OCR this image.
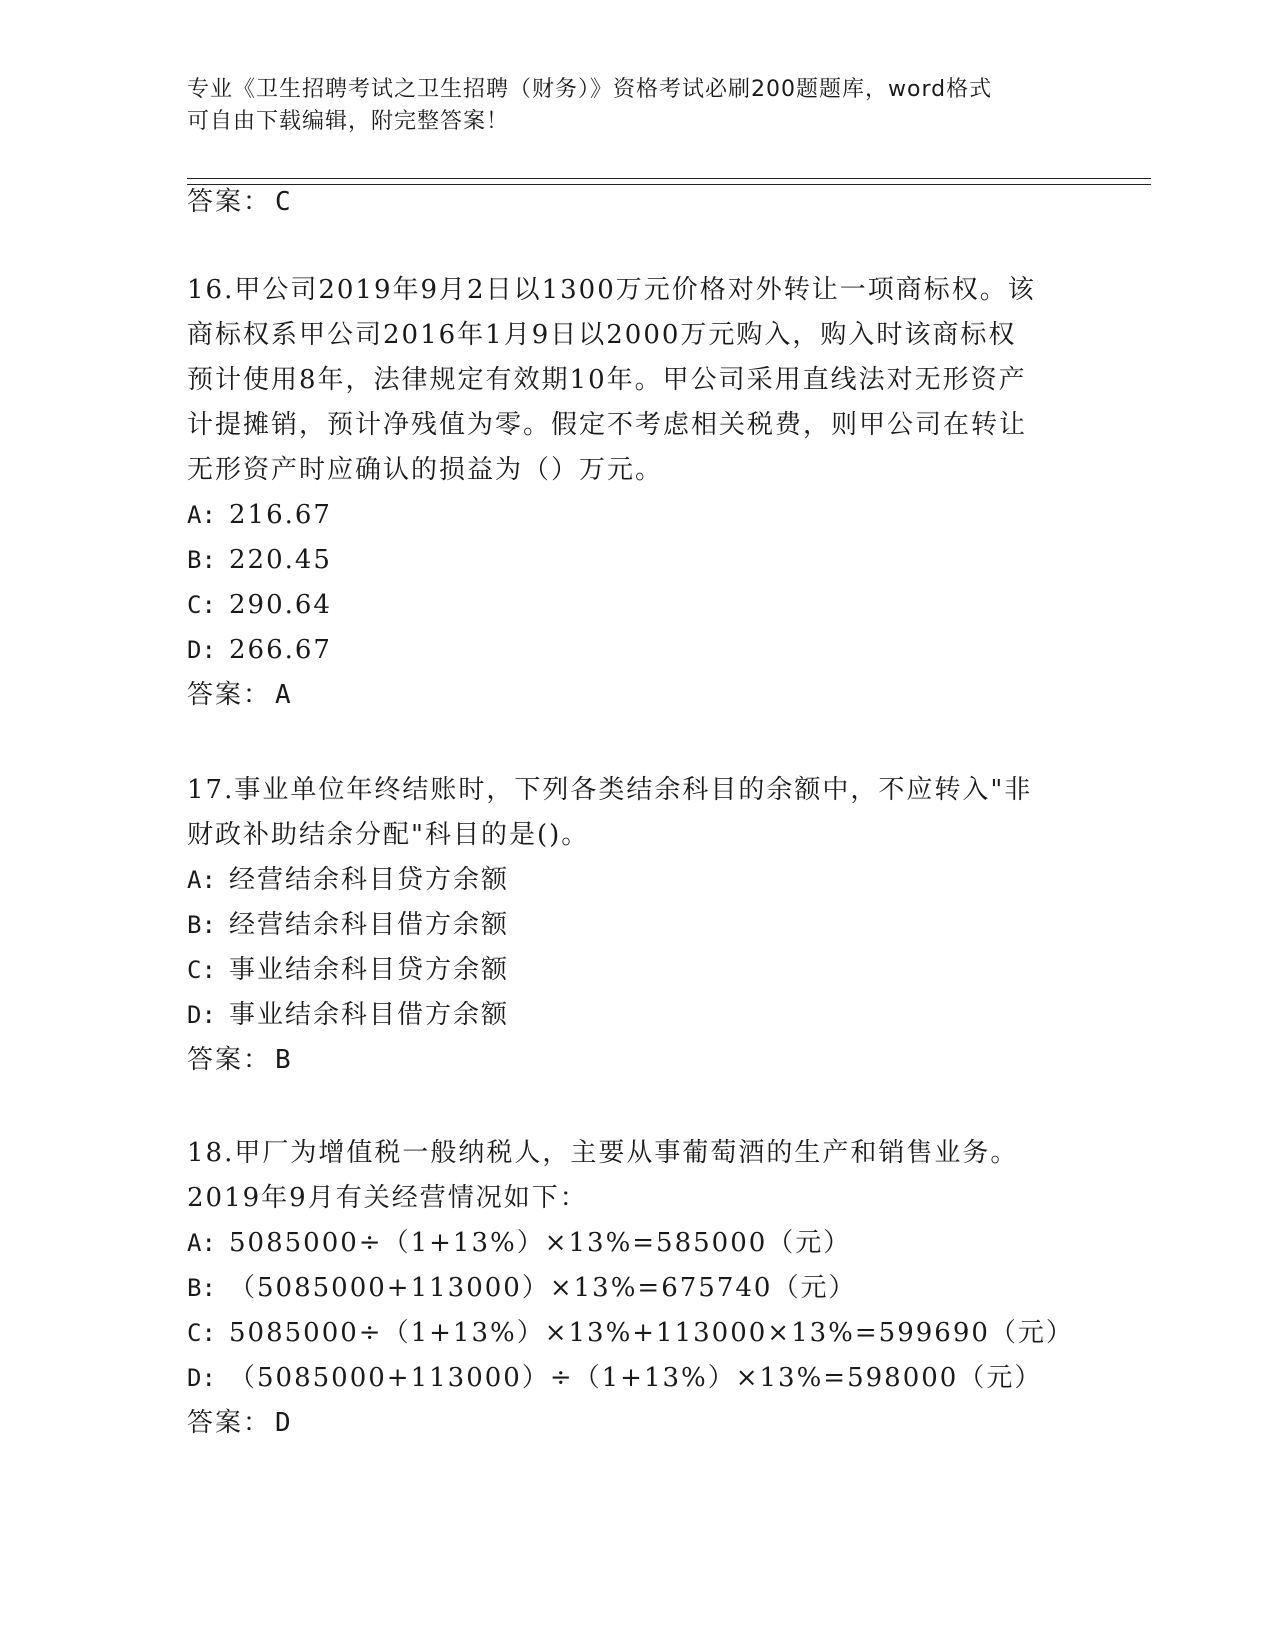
专业《卫生招聘考试之卫生招聘（财务）》资格考试必刷200题题库，word格式
可自由下载编辑，附完整答案！
答案： C
16.甲公司2019年9月2日以1300万元价格对外转让一项商标权。该
商标权系甲公司2016年1月9日以2000万元购入，购入时该商标权
预计使用8年，法律规定有效期10年。甲公司采用直线法对无形资产
计提摊销，预计净残值为零。假定不考虑相关税费，则甲公司在转让
无形资产时应确认的损益为（）万元。
A: 216.67
B: 220.45
C: 290.64
D: 266.67
答案： A
17.事业单位年终结账时，下列各类结余科目的余额中，不应转入"非
财政补助结余分配"科目的是()。
A: 经营结余科目贷方余额
B: 经营结余科目借方余额
C: 事业结余科目贷方余额
D: 事业结余科目借方余额
答案： B
18.甲厂为增值税一般纳税人，主要从事葡萄酒的生产和销售业务。
2019年9月有关经营情况如下：
A: 5085000÷（1+13%）×13%=585000（元）
B: （5085000+113000）×13%=675740（元）
C: 5085000÷（1+13%）×13%+113000×13%=599690（元）
D: （5085000+113000）÷（1+13%）×13%=598000（元）
答案： D
